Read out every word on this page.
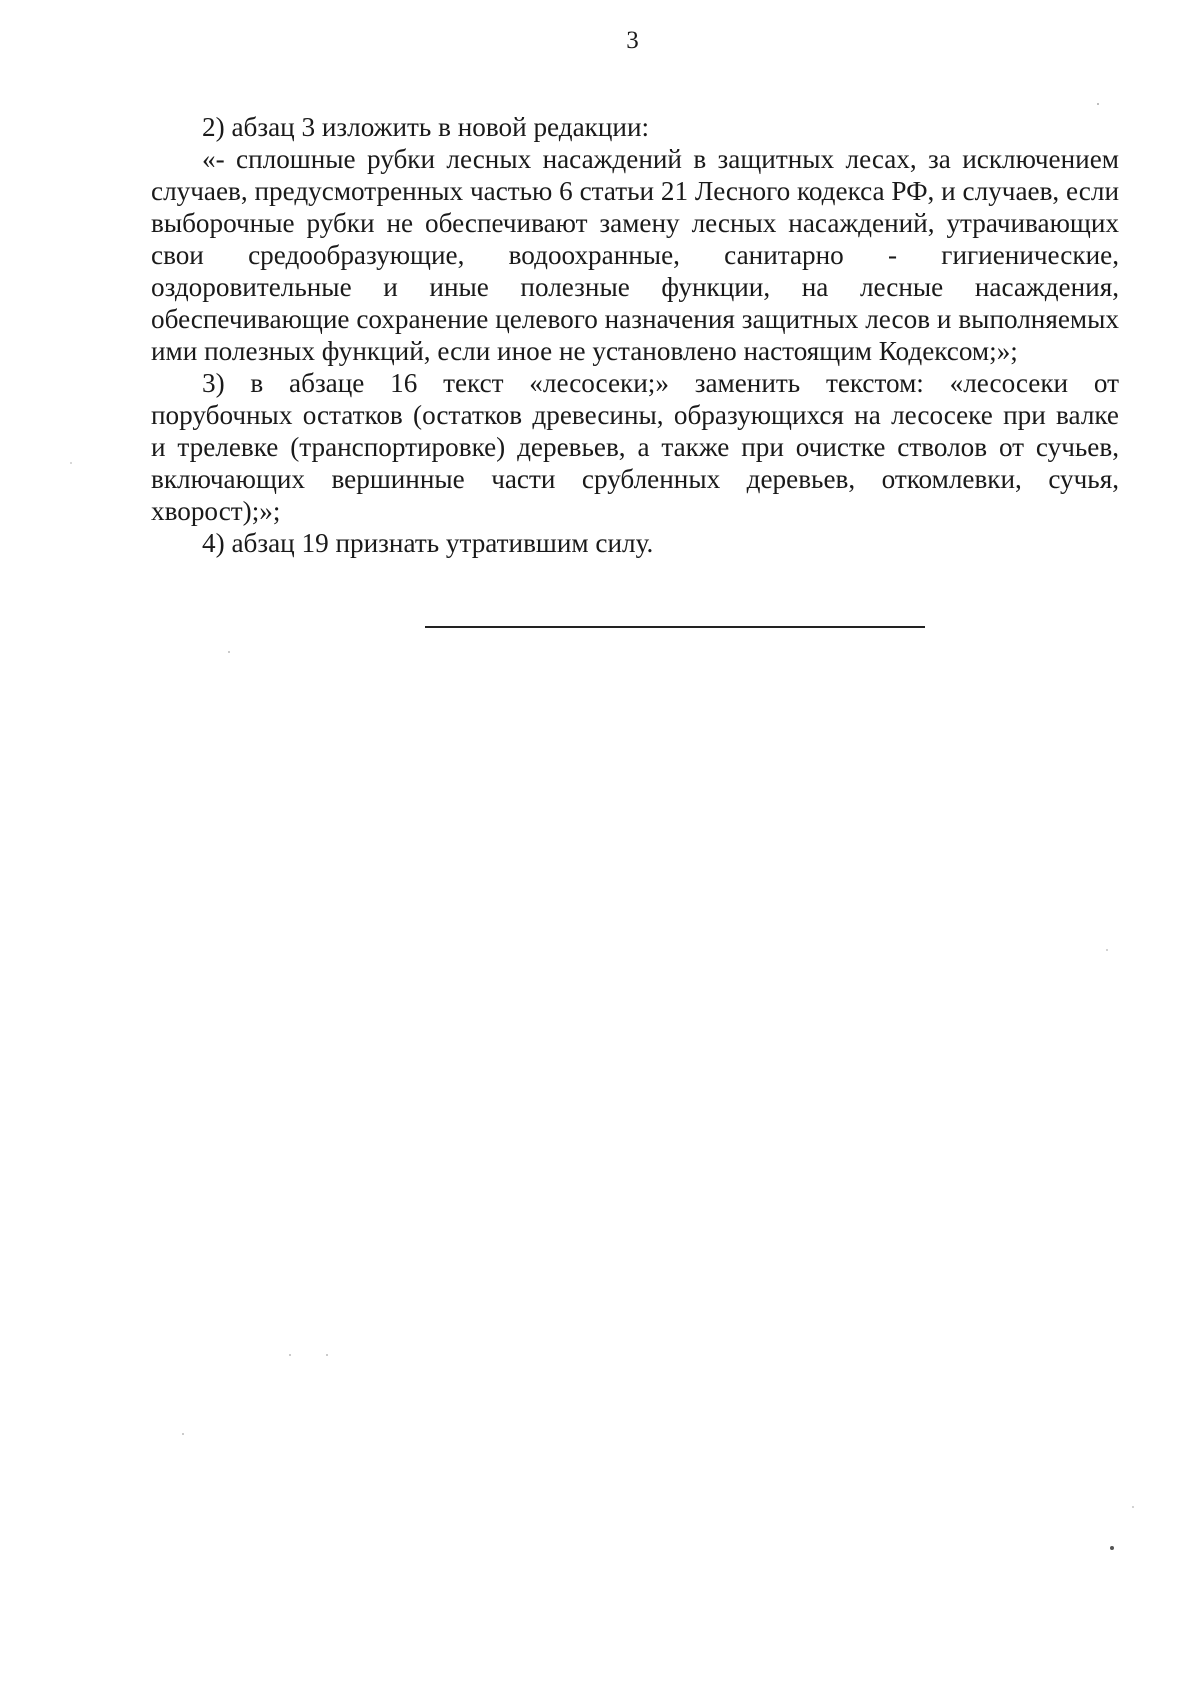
3

2) абзац 3 изложить в новой редакции:

«- сплошные рубки лесных насаждений в защитных лесах, за исключением случаев, предусмотренных частью 6 статьи 21 Лесного кодекса РФ, и случаев, если выборочные рубки не обеспечивают замену лесных насаждений, утрачивающих свои средообразующие, водоохранные, санитарно - гигиенические, оздоровительные и иные полезные функции, на лесные насаждения, обеспечивающие сохранение целевого назначения защитных лесов и выполняемых ими полезных функций, если иное не установлено настоящим Кодексом;»;

3) в абзаце 16 текст «лесосеки;» заменить текстом: «лесосеки от порубочных остатков (остатков древесины, образующихся на лесосеке при валке и трелевке (транспортировке) деревьев, а также при очистке стволов от сучьев, включающих вершинные части срубленных деревьев, откомлевки, сучья, хворост);»;

4) абзац 19 признать утратившим силу.
